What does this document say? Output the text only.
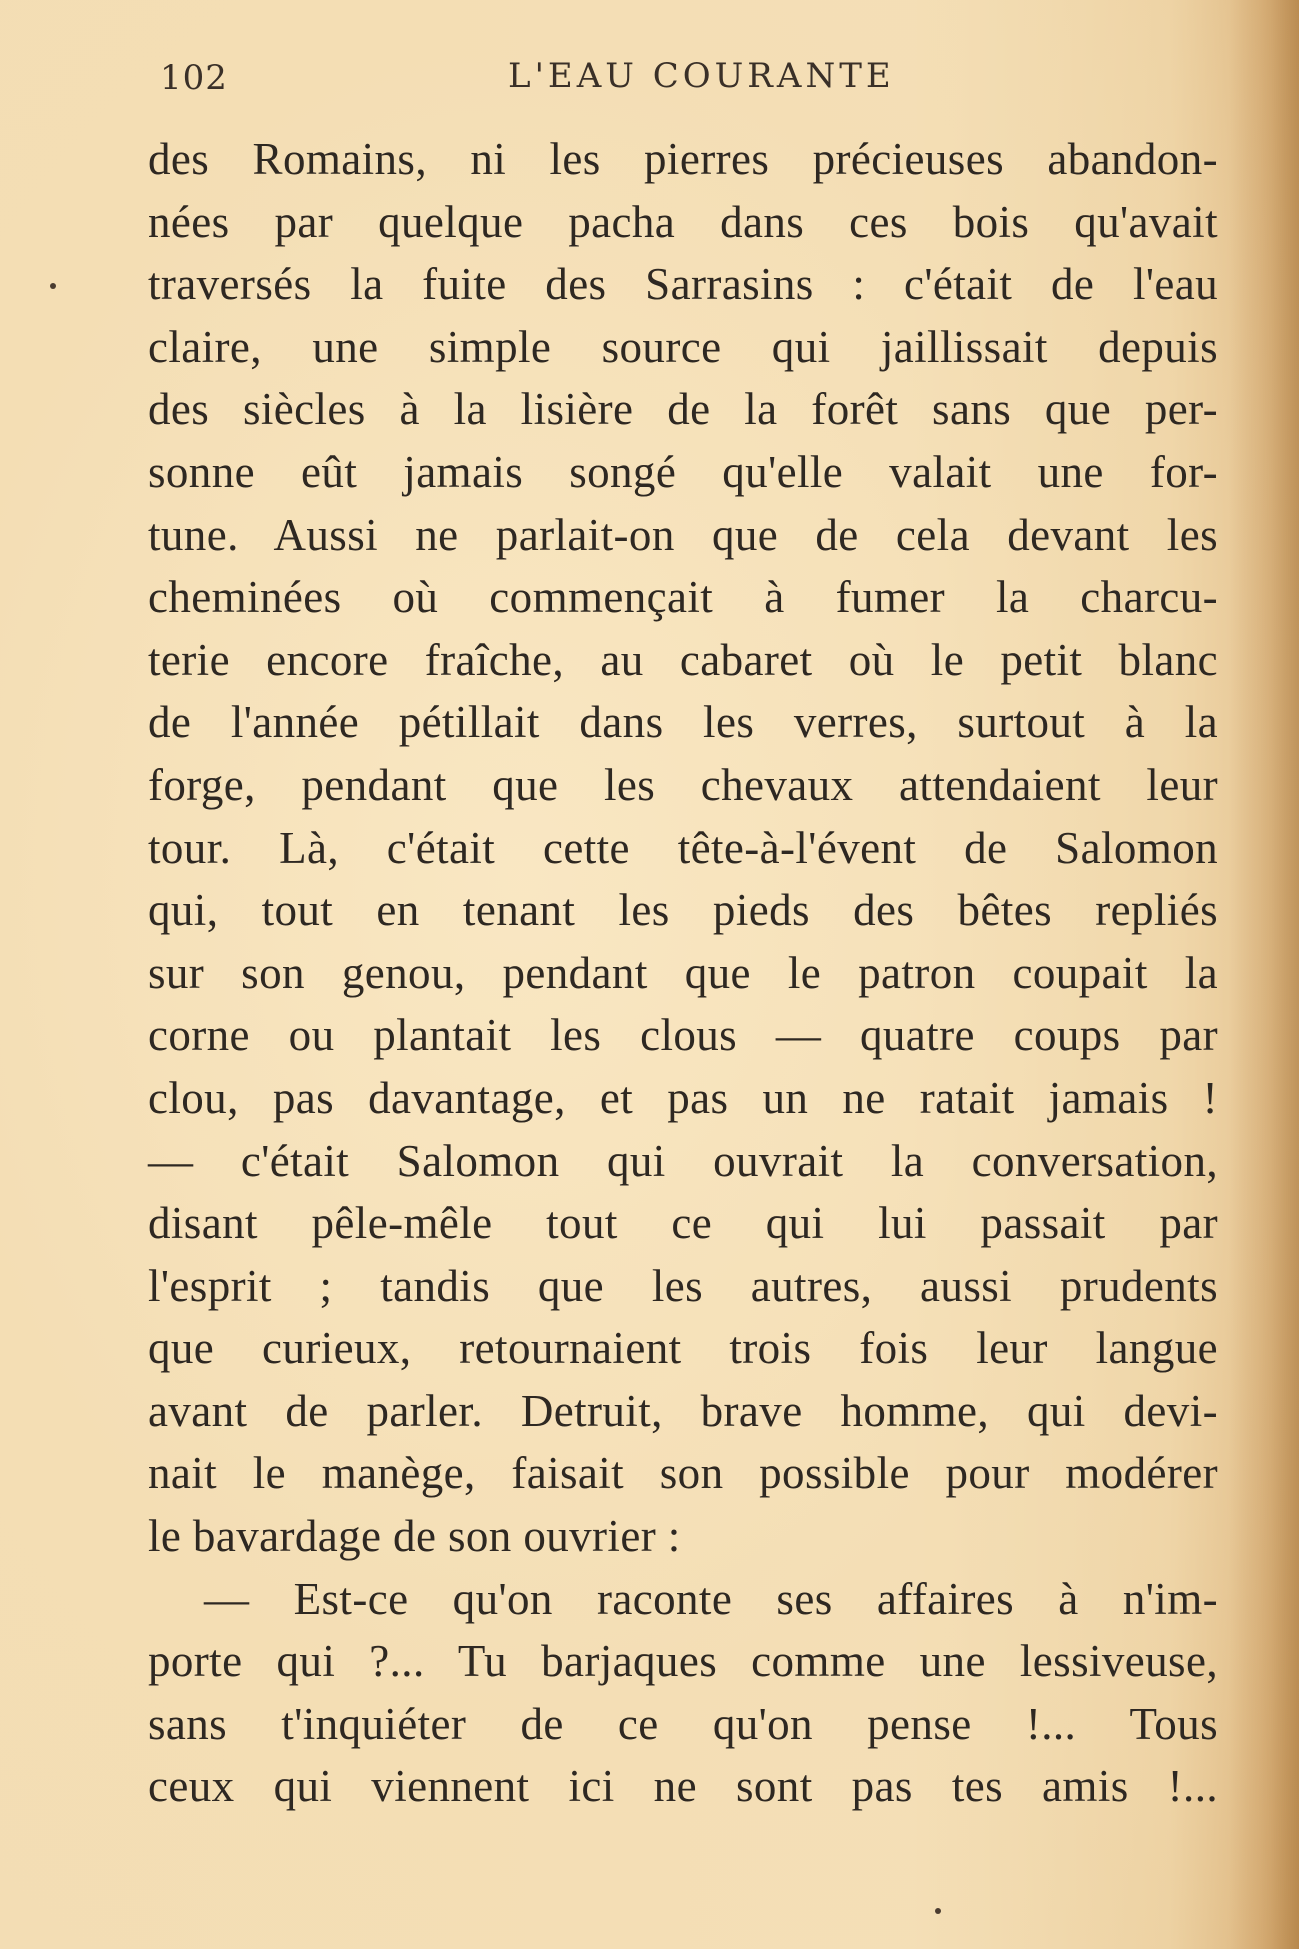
102	L'EAU COURANTE
des Romains, ni les pierres précieuses abandon-
nées par quelque pacha dans ces bois qu'avait
traversés la fuite des Sarrasins : c'était de l'eau
claire, une simple source qui jaillissait depuis
des siècles à la lisière de la forêt sans que per-
sonne eût jamais songé qu'elle valait une for-
tune. Aussi ne parlait-on que de cela devant les
cheminées où commençait à fumer la charcu-
terie encore fraîche, au cabaret où le petit blanc
de l'année pétillait dans les verres, surtout à la
forge, pendant que les chevaux attendaient leur
tour. Là, c'était cette tête-à-l'évent de Salomon
qui, tout en tenant les pieds des bêtes repliés
sur son genou, pendant que le patron coupait la
corne ou plantait les clous — quatre coups par
clou, pas davantage, et pas un ne ratait jamais !
— c'était Salomon qui ouvrait la conversation,
disant pêle-mêle tout ce qui lui passait par
l'esprit ; tandis que les autres, aussi prudents
que curieux, retournaient trois fois leur langue
avant de parler. Detruit, brave homme, qui devi-
nait le manège, faisait son possible pour modérer
le bavardage de son ouvrier :
— Est-ce qu'on raconte ses affaires à n'im-
porte qui ?... Tu barjaques comme une lessiveuse,
sans t'inquiéter de ce qu'on pense !... Tous
ceux qui viennent ici ne sont pas tes amis !...
